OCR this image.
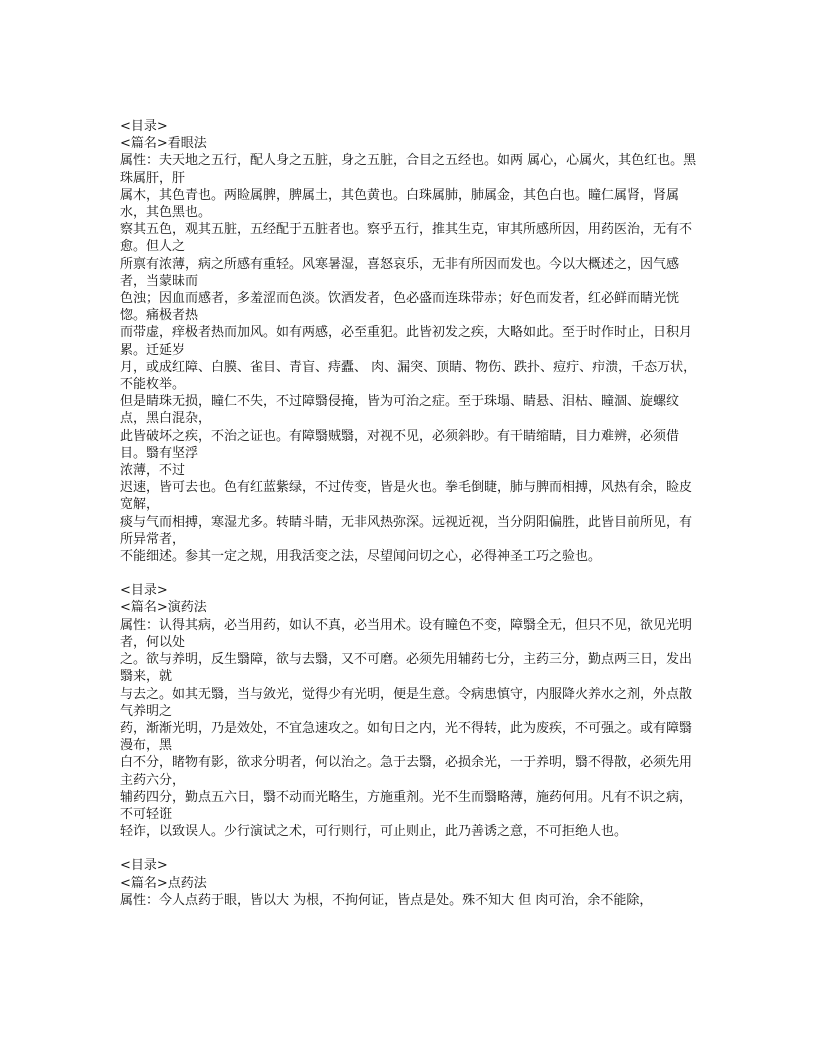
<目录>
<篇名>看眼法
属性：夫天地之五行，配人身之五脏，身之五脏，合目之五经也。如两 属心，心属火，其色红也。黑珠属肝，肝
属木，其色青也。两睑属脾，脾属土，其色黄也。白珠属肺，肺属金，其色白也。瞳仁属肾，肾属水，其色黑也。
察其五色，观其五脏，五经配于五脏者也。察乎五行，推其生克，审其所感所因，用药医治，无有不愈。但人之
所禀有浓薄，病之所感有重轻。风寒暑湿，喜怒哀乐，无非有所因而发也。今以大概述之，因气感者，当蒙昧而
色浊；因血而感者，多羞涩而色淡。饮酒发者，色必盛而连珠带赤；好色而发者，红必鲜而睛光恍惚。痛极者热
而带虚，痒极者热而加风。如有两感，必至重犯。此皆初发之疾，大略如此。至于时作时止，日积月累。迁延岁
月，或成红障、白膜、雀目、青盲、痔蠹、 肉、漏突、顶睛、物伤、跌扑、痘疔、疖溃，千态万状，不能枚举。
但是睛珠无损，瞳仁不失，不过障翳侵掩，皆为可治之症。至于珠塌、睛悬、泪枯、瞳涸、旋螺纹点，黑白混杂，
此皆破坏之疾，不治之证也。有障翳贼翳，对视不见，必须斜眇。有干睛缩睛，目力难辨，必须借目。翳有坚浮
浓薄，不过
迟速，皆可去也。色有红蓝紫绿，不过传变，皆是火也。拳毛倒睫，肺与脾而相搏，风热有余，睑皮宽解，
痰与气而相搏，寒湿尤多。转睛斗睛，无非风热弥深。远视近视，当分阴阳偏胜，此皆目前所见，有所异常者，
不能细述。参其一定之规，用我活变之法，尽望闻问切之心，必得神圣工巧之验也。
<目录>
<篇名>演药法
属性：认得其病，必当用药，如认不真，必当用术。设有瞳色不变，障翳全无，但只不见，欲见光明者，何以处
之。欲与养明，反生翳障，欲与去翳，又不可磨。必须先用辅药七分，主药三分，勤点两三日，发出翳来，就
与去之。如其无翳，当与敛光，觉得少有光明，便是生意。令病患慎守，内服降火养水之剂，外点散气养明之
药，渐渐光明，乃是效处，不宜急速攻之。如旬日之内，光不得转，此为废疾，不可强之。或有障翳漫布，黑
白不分，睹物有影，欲求分明者，何以治之。急于去翳，必损余光，一于养明，翳不得散，必须先用主药六分，
辅药四分，勤点五六日，翳不动而光略生，方施重剂。光不生而翳略薄，施药何用。凡有不识之病，不可轻诳
轻诈，以致误人。少行演试之术，可行则行，可止则止，此乃善诱之意，不可拒绝人也。
<目录>
<篇名>点药法
属性：今人点药于眼，皆以大 为根，不拘何证，皆点是处。殊不知大 但 肉可治，余不能除，
